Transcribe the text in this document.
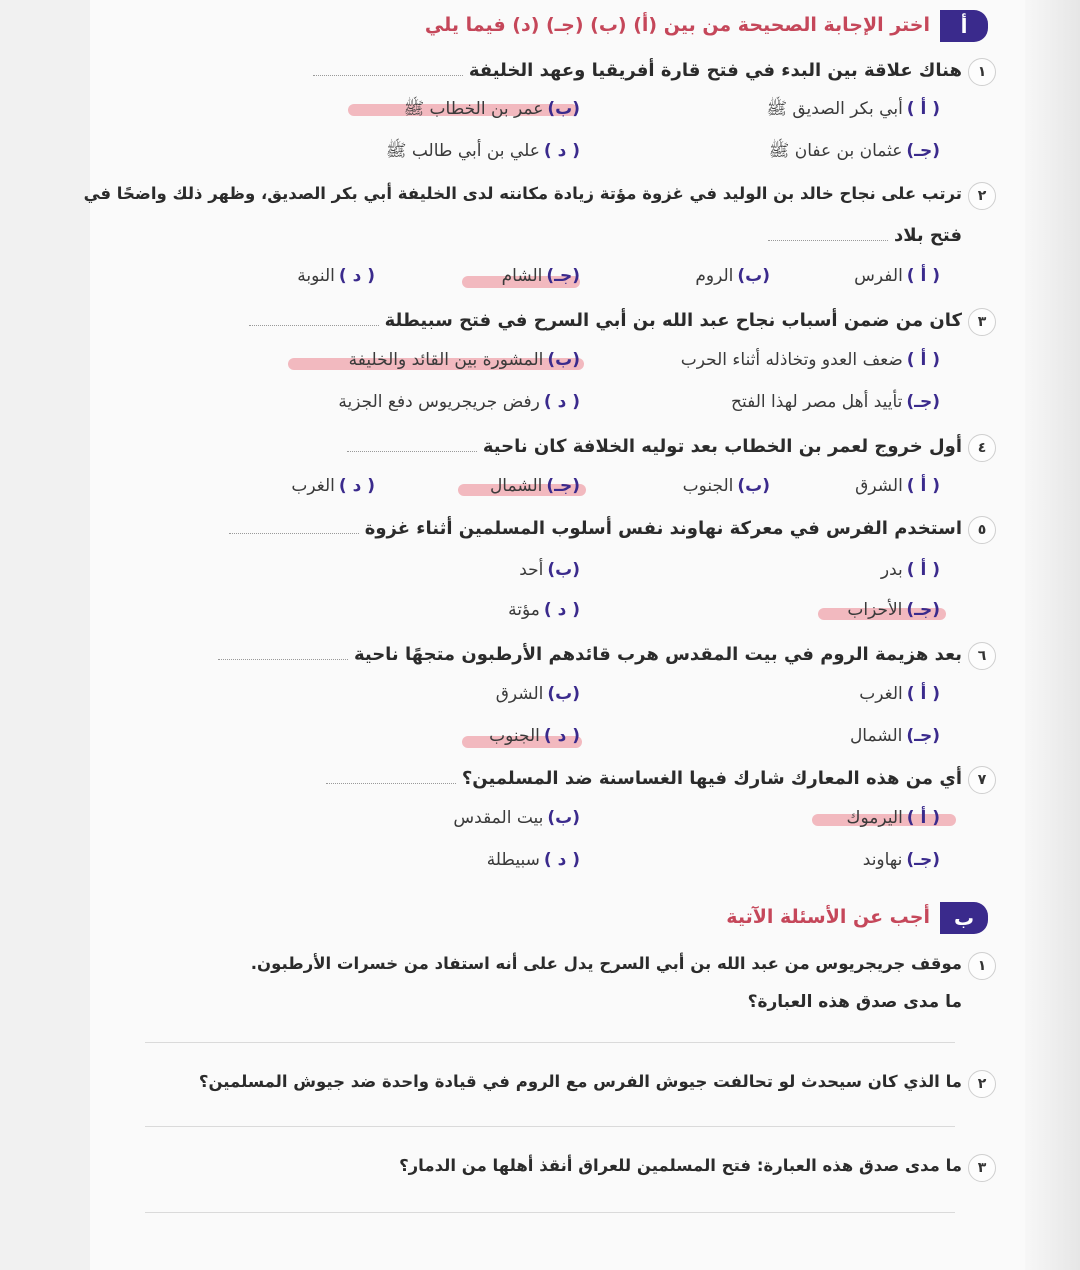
أ
اختر الإجابة الصحيحة من بين (أ) (ب) (جـ) (د) فيما يلي
١
هناك علاقة بين البدء في فتح قارة أفريقيا وعهد الخليفة
( أ )أبي بكر الصديق ﷺ
(ب)عمر بن الخطاب ﷺ
(جـ)عثمان بن عفان ﷺ
( د )علي بن أبي طالب ﷺ
٢
ترتب على نجاح خالد بن الوليد في غزوة مؤتة زيادة مكانته لدى الخليفة أبي بكر الصديق، وظهر ذلك واضحًا في
فتح بلاد
( أ )الفرس
(ب)الروم
(جـ)الشام
( د )النوبة
٣
كان من ضمن أسباب نجاح عبد الله بن أبي السرح في فتح سبيطلة
( أ )ضعف العدو وتخاذله أثناء الحرب
(ب)المشورة بين القائد والخليفة
(جـ)تأييد أهل مصر لهذا الفتح
( د )رفض جريجريوس دفع الجزية
٤
أول خروج لعمر بن الخطاب بعد توليه الخلافة كان ناحية
( أ )الشرق
(ب)الجنوب
(جـ)الشمال
( د )الغرب
٥
استخدم الفرس في معركة نهاوند نفس أسلوب المسلمين أثناء غزوة
( أ )بدر
(ب)أحد
(جـ)الأحزاب
( د )مؤتة
٦
بعد هزيمة الروم في بيت المقدس هرب قائدهم الأرطبون متجهًا ناحية
( أ )الغرب
(ب)الشرق
(جـ)الشمال
( د )الجنوب
٧
أي من هذه المعارك شارك فيها الغساسنة ضد المسلمين؟
( أ )اليرموك
(ب)بيت المقدس
(جـ)نهاوند
( د )سبيطلة
ب
أجب عن الأسئلة الآتية
١
موقف جريجريوس من عبد الله بن أبي السرح يدل على أنه استفاد من خسرات الأرطبون.
ما مدى صدق هذه العبارة؟
٢
ما الذي كان سيحدث لو تحالفت جيوش الفرس مع الروم في قيادة واحدة ضد جيوش المسلمين؟
٣
ما مدى صدق هذه العبارة: فتح المسلمين للعراق أنقذ أهلها من الدمار؟
